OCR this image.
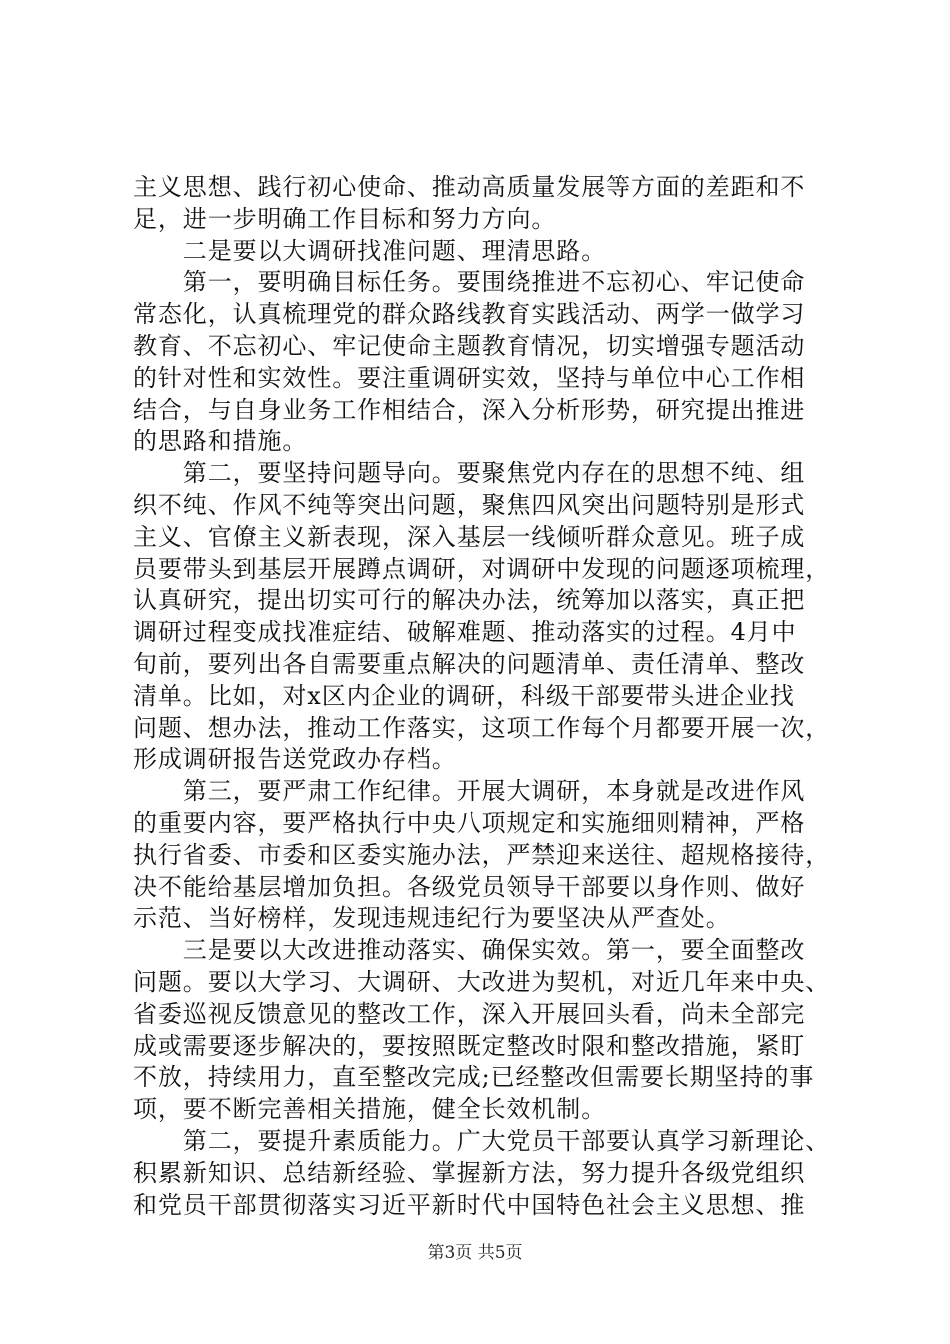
主义思想、践行初心使命、推动高质量发展等方面的差距和不
足，进一步明确工作目标和努力方向。
　　二是要以大调研找准问题、理清思路。
　　第一，要明确目标任务。要围绕推进不忘初心、牢记使命
常态化，认真梳理党的群众路线教育实践活动、两学一做学习
教育、不忘初心、牢记使命主题教育情况，切实增强专题活动
的针对性和实效性。要注重调研实效，坚持与单位中心工作相
结合，与自身业务工作相结合，深入分析形势，研究提出推进
的思路和措施。
　　第二，要坚持问题导向。要聚焦党内存在的思想不纯、组
织不纯、作风不纯等突出问题，聚焦四风突出问题特别是形式
主义、官僚主义新表现，深入基层一线倾听群众意见。班子成
员要带头到基层开展蹲点调研，对调研中发现的问题逐项梳理，
认真研究，提出切实可行的解决办法，统筹加以落实，真正把
调研过程变成找准症结、破解难题、推动落实的过程。4月中
旬前，要列出各自需要重点解决的问题清单、责任清单、整改
清单。比如，对x区内企业的调研，科级干部要带头进企业找
问题、想办法，推动工作落实，这项工作每个月都要开展一次，
形成调研报告送党政办存档。
　　第三，要严肃工作纪律。开展大调研，本身就是改进作风
的重要内容，要严格执行中央八项规定和实施细则精神，严格
执行省委、市委和区委实施办法，严禁迎来送往、超规格接待，
决不能给基层增加负担。各级党员领导干部要以身作则、做好
示范、当好榜样，发现违规违纪行为要坚决从严查处。
　　三是要以大改进推动落实、确保实效。第一，要全面整改
问题。要以大学习、大调研、大改进为契机，对近几年来中央、
省委巡视反馈意见的整改工作，深入开展回头看，尚未全部完
成或需要逐步解决的，要按照既定整改时限和整改措施，紧盯
不放，持续用力，直至整改完成;已经整改但需要长期坚持的事
项，要不断完善相关措施，健全长效机制。
　　第二，要提升素质能力。广大党员干部要认真学习新理论、
积累新知识、总结新经验、掌握新方法，努力提升各级党组织
和党员干部贯彻落实习近平新时代中国特色社会主义思想、推
第3页 共5页
